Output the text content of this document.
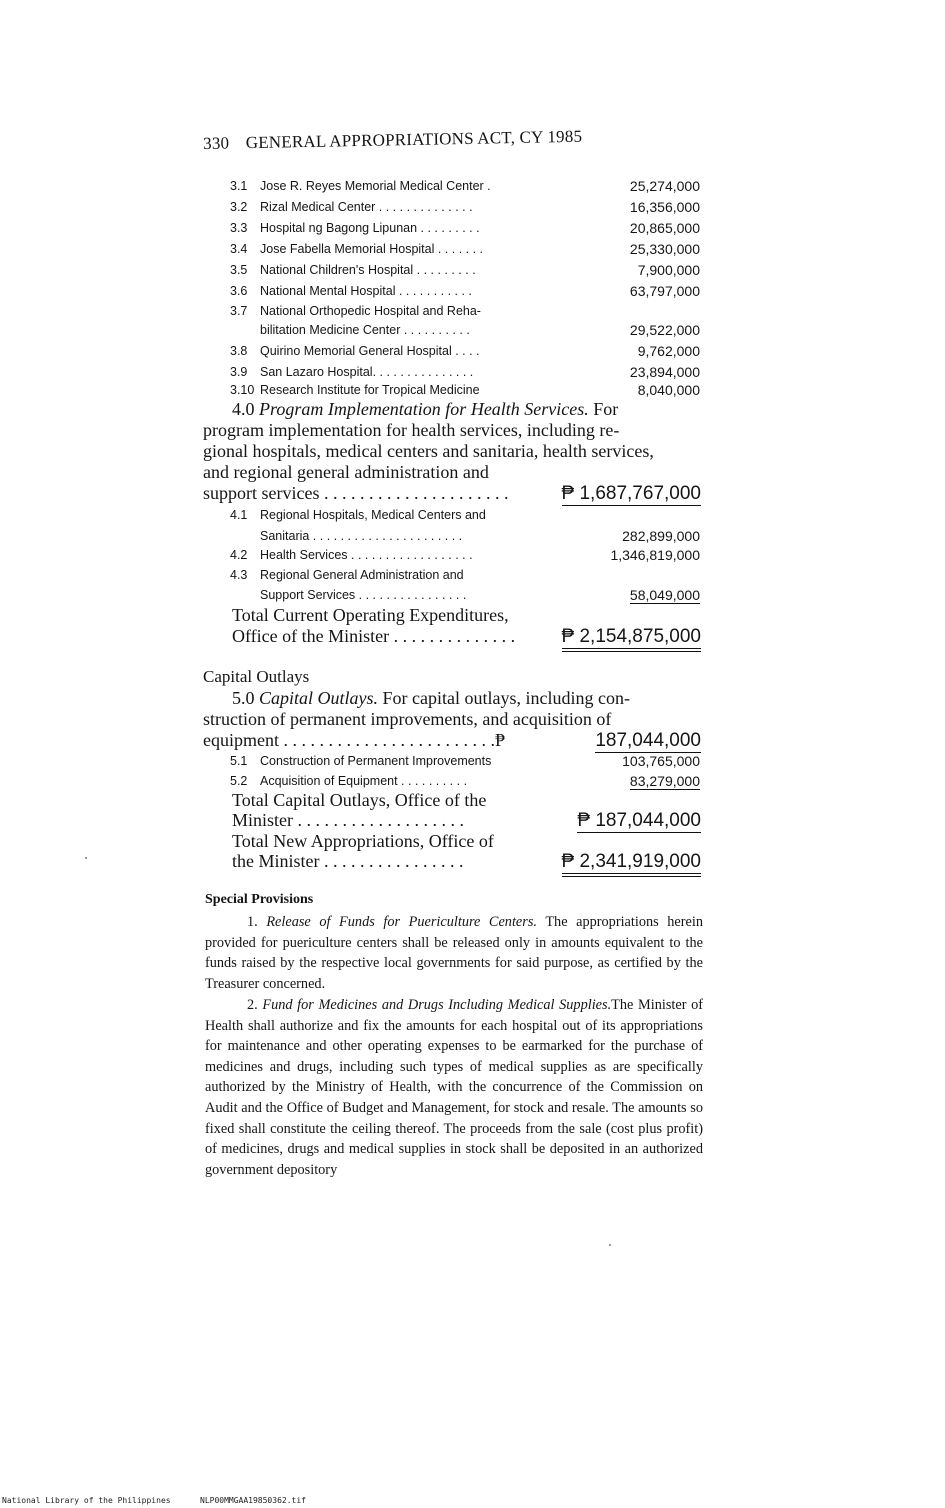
330 GENERAL APPROPRIATIONS ACT, CY 1985
3.1 Jose R. Reyes Memorial Medical Center .	25,274,000
3.2 Rizal Medical Center . . . . . . . . . . . . . .	16,356,000
3.3 Hospital ng Bagong Lipunan . . . . . . . . .	20,865,000
3.4 Jose Fabella Memorial Hospital . . . . . . .	25,330,000
3.5 National Children's Hospital . . . . . . . . .	7,900,000
3.6 National Mental Hospital . . . . . . . . . . .	63,797,000
3.7 National Orthopedic Hospital and Reha-
bilitation Medicine Center . . . . . . . . . .	29,522,000
3.8 Quirino Memorial General Hospital . . . .	9,762,000
3.9 San Lazaro Hospital. . . . . . . . . . . . . . .	23,894,000
3.10 Research Institute for Tropical Medicine	8,040,000
4.0 Program Implementation for Health Services. For
program implementation for health services, including re-
gional hospitals, medical centers and sanitaria, health services,
and regional general administration and
support services . . . . . . . . . . . . . . . . . . . . .	₱ 1,687,767,000
4.1 Regional Hospitals, Medical Centers and
Sanitaria . . . . . . . . . . . . . . . . . . . . . .	282,899,000
4.2 Health Services . . . . . . . . . . . . . . . . . .	1,346,819,000
4.3 Regional General Administration and
Support Services . . . . . . . . . . . . . . . .	58,049,000
Total Current Operating Expenditures,
Office of the Minister . . . . . . . . . . . . . . ₱ 2,154,875,000
Capital Outlays
5.0 Capital Outlays. For capital outlays, including con-
struction of permanent improvements, and acquisition of
equipment . . . . . . . . . . . . . . . . . . . . . . . .₱	187,044,000
5.1 Construction of Permanent Improvements	103,765,000
5.2 Acquisition of Equipment . . . . . . . . . .	83,279,000
Total Capital Outlays, Office of the
Minister . . . . . . . . . . . . . . . . . . .	₱ 187,044,000
Total New Appropriations, Office of
the Minister . . . . . . . . . . . . . . . .	₱ 2,341,919,000
Special Provisions
1. Release of Funds for Puericulture Centers. The appropriations herein provided for puericulture centers shall be released only in amounts equivalent to the funds raised by the respective local governments for said purpose, as certified by the Treasurer concerned.
2. Fund for Medicines and Drugs Including Medical Supplies.The Minister of Health shall authorize and fix the amounts for each hospital out of its appropriations for maintenance and other operating expenses to be earmarked for the purchase of medicines and drugs, including such types of medical supplies as are specifically authorized by the Ministry of Health, with the concurrence of the Commission on Audit and the Office of Budget and Management, for stock and resale. The amounts so fixed shall constitute the ceiling thereof. The proceeds from the sale (cost plus profit) of medicines, drugs and medical supplies in stock shall be deposited in an authorized government depository
National Library of the Philippines	NLP00MMGAA19850362.tif
